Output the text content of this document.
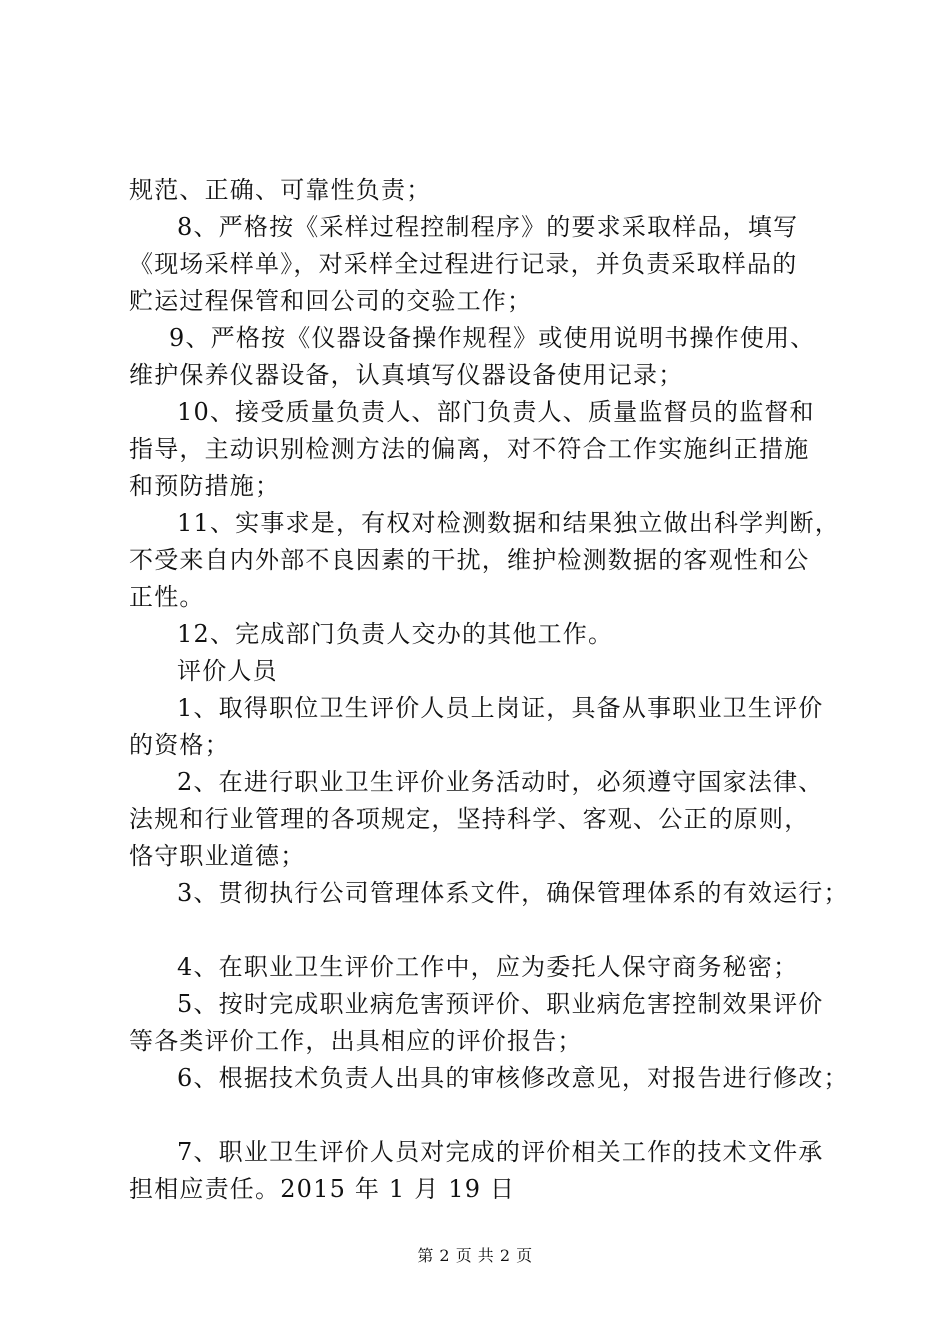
规范、正确、可靠性负责；
8、严格按《采样过程控制程序》的要求采取样品，填写
《现场采样单》，对采样全过程进行记录，并负责采取样品的
贮运过程保管和回公司的交验工作；
9、严格按《仪器设备操作规程》或使用说明书操作使用、
维护保养仪器设备，认真填写仪器设备使用记录；
10、接受质量负责人、部门负责人、质量监督员的监督和
指导，主动识别检测方法的偏离，对不符合工作实施纠正措施
和预防措施；
11、实事求是，有权对检测数据和结果独立做出科学判断，
不受来自内外部不良因素的干扰，维护检测数据的客观性和公
正性。
12、完成部门负责人交办的其他工作。
评价人员
1、取得职位卫生评价人员上岗证，具备从事职业卫生评价
的资格；
2、在进行职业卫生评价业务活动时，必须遵守国家法律、
法规和行业管理的各项规定，坚持科学、客观、公正的原则，
恪守职业道德；
3、贯彻执行公司管理体系文件，确保管理体系的有效运行；
4、在职业卫生评价工作中，应为委托人保守商务秘密；
5、按时完成职业病危害预评价、职业病危害控制效果评价
等各类评价工作，出具相应的评价报告；
6、根据技术负责人出具的审核修改意见，对报告进行修改；
7、职业卫生评价人员对完成的评价相关工作的技术文件承
担相应责任。2015 年 1 月 19 日
第 2 页 共 2 页
